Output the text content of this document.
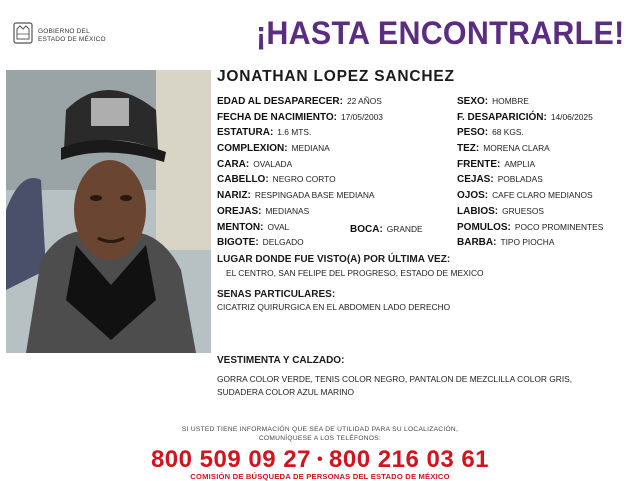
GOBIERNO DEL
ESTADO DE MÉXICO	¡HASTA ENCONTRARLE!
JONATHAN LOPEZ SANCHEZ
EDAD AL DESAPARECER: 22 AÑOS
FECHA DE NACIMIENTO: 17/05/2003
ESTATURA: 1.6 MTS.
COMPLEXION: MEDIANA
CARA: OVALADA
CABELLO: NEGRO CORTO
NARIZ: RESPINGADA BASE MEDIANA
OREJAS: MEDIANAS
MENTON: OVAL	BOCA: GRANDE
BIGOTE: DELGADO
SEXO: HOMBRE
F. DESAPARICIÓN: 14/06/2025
PESO: 68 KGS.
TEZ: MORENA CLARA
FRENTE: AMPLIA
CEJAS: POBLADAS
OJOS: CAFE CLARO MEDIANOS
LABIOS: GRUESOS
POMULOS: POCO PROMINENTES
BARBA: TIPO PIOCHA
LUGAR DONDE FUE VISTO(A) POR ÚLTIMA VEZ:
EL CENTRO, SAN FELIPE DEL PROGRESO, ESTADO DE MEXICO
SENAS PARTICULARES:
CICATRIZ QUIRURGICA EN EL ABDOMEN LADO DERECHO
VESTIMENTA Y CALZADO:
GORRA COLOR VERDE, TENIS COLOR NEGRO, PANTALON DE MEZCLILLA COLOR GRIS,
SUDADERA COLOR AZUL MARINO
SI USTED TIENE INFORMACIÓN QUE SEA DE UTILIDAD PARA SU LOCALIZACIÓN,
COMUNÍQUESE A LOS TELÉFONOS:
800 509 09 27 • 800 216 03 61
COMISIÓN DE BÚSQUEDA DE PERSONAS DEL ESTADO DE MÉXICO
